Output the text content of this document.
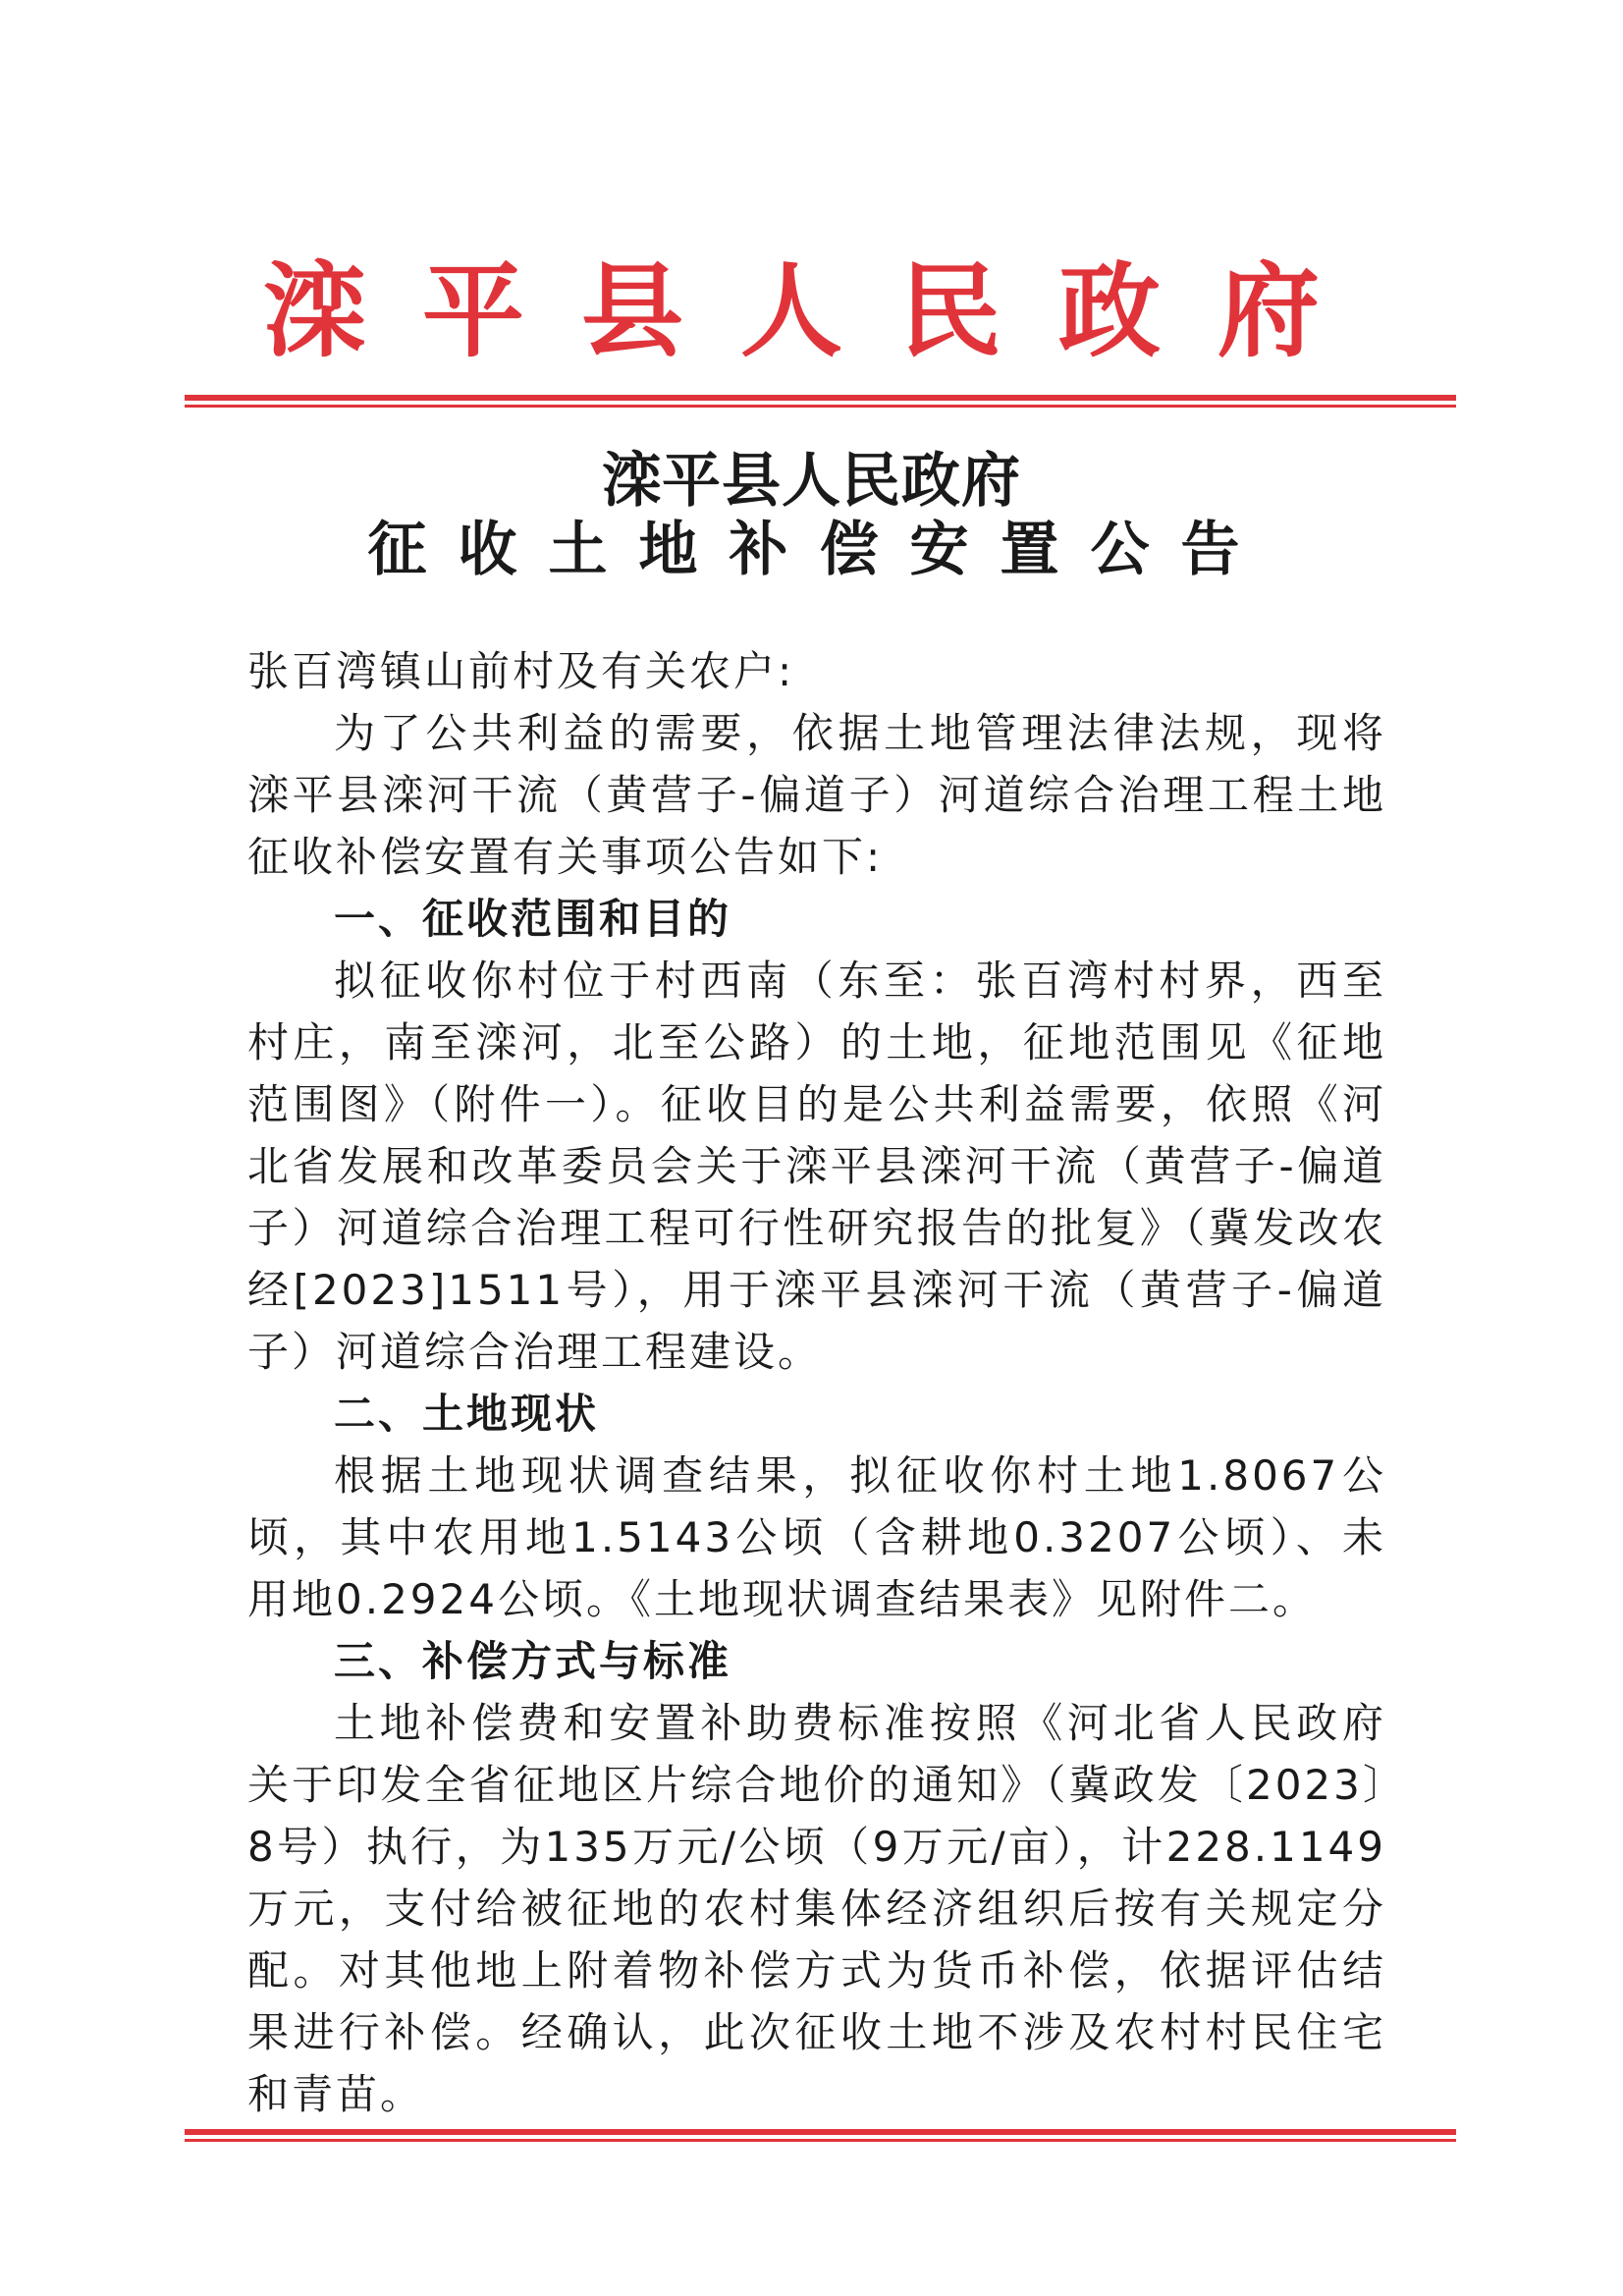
滦平县人民政府
滦平县人民政府
征收土地补偿安置公告

张百湾镇山前村及有关农户:

为了公共利益的需要，依据土地管理法律法规，现将滦平县滦河干流（黄营子-偏道子）河道综合治理工程土地征收补偿安置有关事项公告如下:

一、征收范围和目的

拟征收你村位于村西南（东至：张百湾村村界，西至村庄，南至滦河，北至公路）的土地，征地范围见《征地范围图》（附件一）。征收目的是公共利益需要，依照《河北省发展和改革委员会关于滦平县滦河干流（黄营子-偏道子）河道综合治理工程可行性研究报告的批复》（冀发改农经[2023]1511号），用于滦平县滦河干流（黄营子-偏道子）河道综合治理工程建设。

二、土地现状

根据土地现状调查结果，拟征收你村土地1.8067公顷，其中农用地1.5143公顷（含耕地0.3207公顷）、未用地0.2924公顷。《土地现状调查结果表》见附件二。

三、补偿方式与标准

土地补偿费和安置补助费标准按照《河北省人民政府关于印发全省征地区片综合地价的通知》（冀政发〔2023〕8号）执行，为135万元/公顷（9万元/亩），计228.1149万元，支付给被征地的农村集体经济组织后按有关规定分配。对其他地上附着物补偿方式为货币补偿，依据评估结果进行补偿。经确认，此次征收土地不涉及农村村民住宅和青苗。
